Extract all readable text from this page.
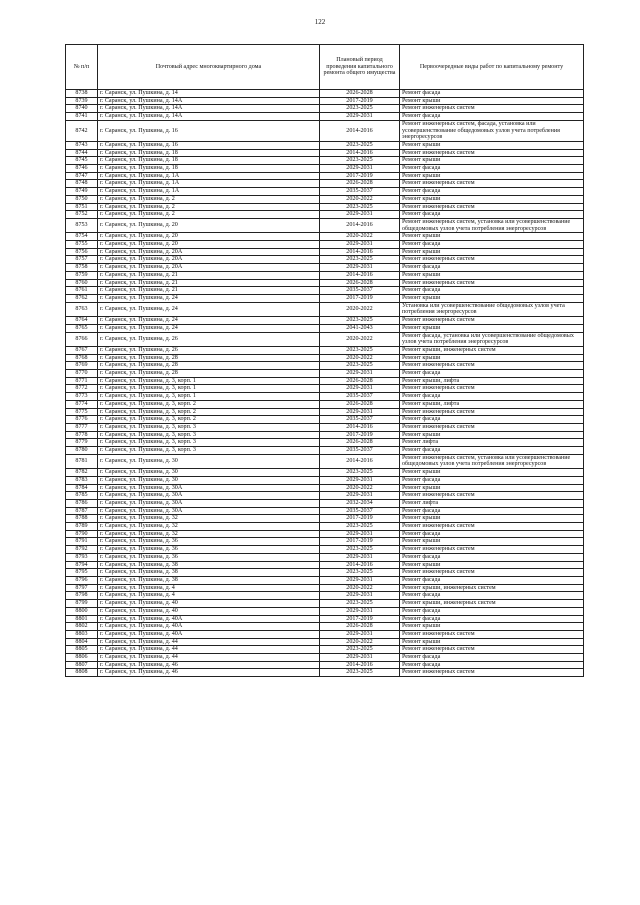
122
№ п/п	Почтовый адрес многоквартирного дома	Плановый период проведения капитального ремонта общего имущества	Первоочередные виды работ по капитальному ремонту
8738	г. Саранск, ул. Пушкина, д. 14	2026-2028	Ремонт фасада
8739	г. Саранск, ул. Пушкина, д. 14А	2017-2019	Ремонт крыши
8740	г. Саранск, ул. Пушкина, д. 14А	2023-2025	Ремонт инженерных систем
8741	г. Саранск, ул. Пушкина, д. 14А	2029-2031	Ремонт фасада
8742	г. Саранск, ул. Пушкина, д. 16	2014-2016	Ремонт инженерных систем, фасада, установка или усовершенствование общедомовых узлов учета потребления энергоресурсов
8743	г. Саранск, ул. Пушкина, д. 16	2023-2025	Ремонт крыши
8744	г. Саранск, ул. Пушкина, д. 18	2014-2016	Ремонт инженерных систем
8745	г. Саранск, ул. Пушкина, д. 18	2023-2025	Ремонт крыши
8746	г. Саранск, ул. Пушкина, д. 18	2029-2031	Ремонт фасада
8747	г. Саранск, ул. Пушкина, д. 1А	2017-2019	Ремонт крыши
8748	г. Саранск, ул. Пушкина, д. 1А	2026-2028	Ремонт инженерных систем
8749	г. Саранск, ул. Пушкина, д. 1А	2035-2037	Ремонт фасада
8750	г. Саранск, ул. Пушкина, д. 2	2020-2022	Ремонт крыши
8751	г. Саранск, ул. Пушкина, д. 2	2023-2025	Ремонт инженерных систем
8752	г. Саранск, ул. Пушкина, д. 2	2029-2031	Ремонт фасада
8753	г. Саранск, ул. Пушкина, д. 20	2014-2016	Ремонт инженерных систем, установка или усовершенствование общедомовых узлов учета потребления энергоресурсов
8754	г. Саранск, ул. Пушкина, д. 20	2020-2022	Ремонт крыши
8755	г. Саранск, ул. Пушкина, д. 20	2029-2031	Ремонт фасада
8756	г. Саранск, ул. Пушкина, д. 20А	2014-2016	Ремонт крыши
8757	г. Саранск, ул. Пушкина, д. 20А	2023-2025	Ремонт инженерных систем
8758	г. Саранск, ул. Пушкина, д. 20А	2029-2031	Ремонт фасада
8759	г. Саранск, ул. Пушкина, д. 21	2014-2016	Ремонт крыши
8760	г. Саранск, ул. Пушкина, д. 21	2026-2028	Ремонт инженерных систем
8761	г. Саранск, ул. Пушкина, д. 21	2035-2037	Ремонт фасада
8762	г. Саранск, ул. Пушкина, д. 24	2017-2019	Ремонт крыши
8763	г. Саранск, ул. Пушкина, д. 24	2020-2022	Установка или усовершенствование общедомовых узлов учета потребления энергоресурсов
8764	г. Саранск, ул. Пушкина, д. 24	2023-2025	Ремонт инженерных систем
8765	г. Саранск, ул. Пушкина, д. 24	2041-2043	Ремонт крыши
8766	г. Саранск, ул. Пушкина, д. 26	2020-2022	Ремонт фасада, установка или усовершенствование общедомовых узлов учета потребления энергоресурсов
8767	г. Саранск, ул. Пушкина, д. 26	2023-2025	Ремонт крыши, инженерных систем
8768	г. Саранск, ул. Пушкина, д. 28	2020-2022	Ремонт крыши
8769	г. Саранск, ул. Пушкина, д. 28	2023-2025	Ремонт инженерных систем
8770	г. Саранск, ул. Пушкина, д. 28	2029-2031	Ремонт фасада
8771	г. Саранск, ул. Пушкина, д. 3, корп. 1	2026-2028	Ремонт крыши, лифта
8772	г. Саранск, ул. Пушкина, д. 3, корп. 1	2029-2031	Ремонт инженерных систем
8773	г. Саранск, ул. Пушкина, д. 3, корп. 1	2035-2037	Ремонт фасада
8774	г. Саранск, ул. Пушкина, д. 3, корп. 2	2026-2028	Ремонт крыши, лифта
8775	г. Саранск, ул. Пушкина, д. 3, корп. 2	2029-2031	Ремонт инженерных систем
8776	г. Саранск, ул. Пушкина, д. 3, корп. 2	2035-2037	Ремонт фасада
8777	г. Саранск, ул. Пушкина, д. 3, корп. 3	2014-2016	Ремонт инженерных систем
8778	г. Саранск, ул. Пушкина, д. 3, корп. 3	2017-2019	Ремонт крыши
8779	г. Саранск, ул. Пушкина, д. 3, корп. 3	2026-2028	Ремонт лифта
8780	г. Саранск, ул. Пушкина, д. 3, корп. 3	2035-2037	Ремонт фасада
8781	г. Саранск, ул. Пушкина, д. 30	2014-2016	Ремонт инженерных систем, установка или усовершенствование общедомовых узлов учета потребления энергоресурсов
8782	г. Саранск, ул. Пушкина, д. 30	2023-2025	Ремонт крыши
8783	г. Саранск, ул. Пушкина, д. 30	2029-2031	Ремонт фасада
8784	г. Саранск, ул. Пушкина, д. 30А	2020-2022	Ремонт крыши
8785	г. Саранск, ул. Пушкина, д. 30А	2029-2031	Ремонт инженерных систем
8786	г. Саранск, ул. Пушкина, д. 30А	2032-2034	Ремонт лифта
8787	г. Саранск, ул. Пушкина, д. 30А	2035-2037	Ремонт фасада
8788	г. Саранск, ул. Пушкина, д. 32	2017-2019	Ремонт крыши
8789	г. Саранск, ул. Пушкина, д. 32	2023-2025	Ремонт инженерных систем
8790	г. Саранск, ул. Пушкина, д. 32	2029-2031	Ремонт фасада
8791	г. Саранск, ул. Пушкина, д. 36	2017-2019	Ремонт крыши
8792	г. Саранск, ул. Пушкина, д. 36	2023-2025	Ремонт инженерных систем
8793	г. Саранск, ул. Пушкина, д. 36	2029-2031	Ремонт фасада
8794	г. Саранск, ул. Пушкина, д. 38	2014-2016	Ремонт крыши
8795	г. Саранск, ул. Пушкина, д. 38	2023-2025	Ремонт инженерных систем
8796	г. Саранск, ул. Пушкина, д. 38	2029-2031	Ремонт фасада
8797	г. Саранск, ул. Пушкина, д. 4	2020-2022	Ремонт крыши, инженерных систем
8798	г. Саранск, ул. Пушкина, д. 4	2029-2031	Ремонт фасада
8799	г. Саранск, ул. Пушкина, д. 40	2023-2025	Ремонт крыши, инженерных систем
8800	г. Саранск, ул. Пушкина, д. 40	2029-2031	Ремонт фасада
8801	г. Саранск, ул. Пушкина, д. 40А	2017-2019	Ремонт фасада
8802	г. Саранск, ул. Пушкина, д. 40А	2026-2028	Ремонт крыши
8803	г. Саранск, ул. Пушкина, д. 40А	2029-2031	Ремонт инженерных систем
8804	г. Саранск, ул. Пушкина, д. 44	2020-2022	Ремонт крыши
8805	г. Саранск, ул. Пушкина, д. 44	2023-2025	Ремонт инженерных систем
8806	г. Саранск, ул. Пушкина, д. 44	2029-2031	Ремонт фасада
8807	г. Саранск, ул. Пушкина, д. 46	2014-2016	Ремонт фасада
8808	г. Саранск, ул. Пушкина, д. 46	2023-2025	Ремонт инженерных систем
